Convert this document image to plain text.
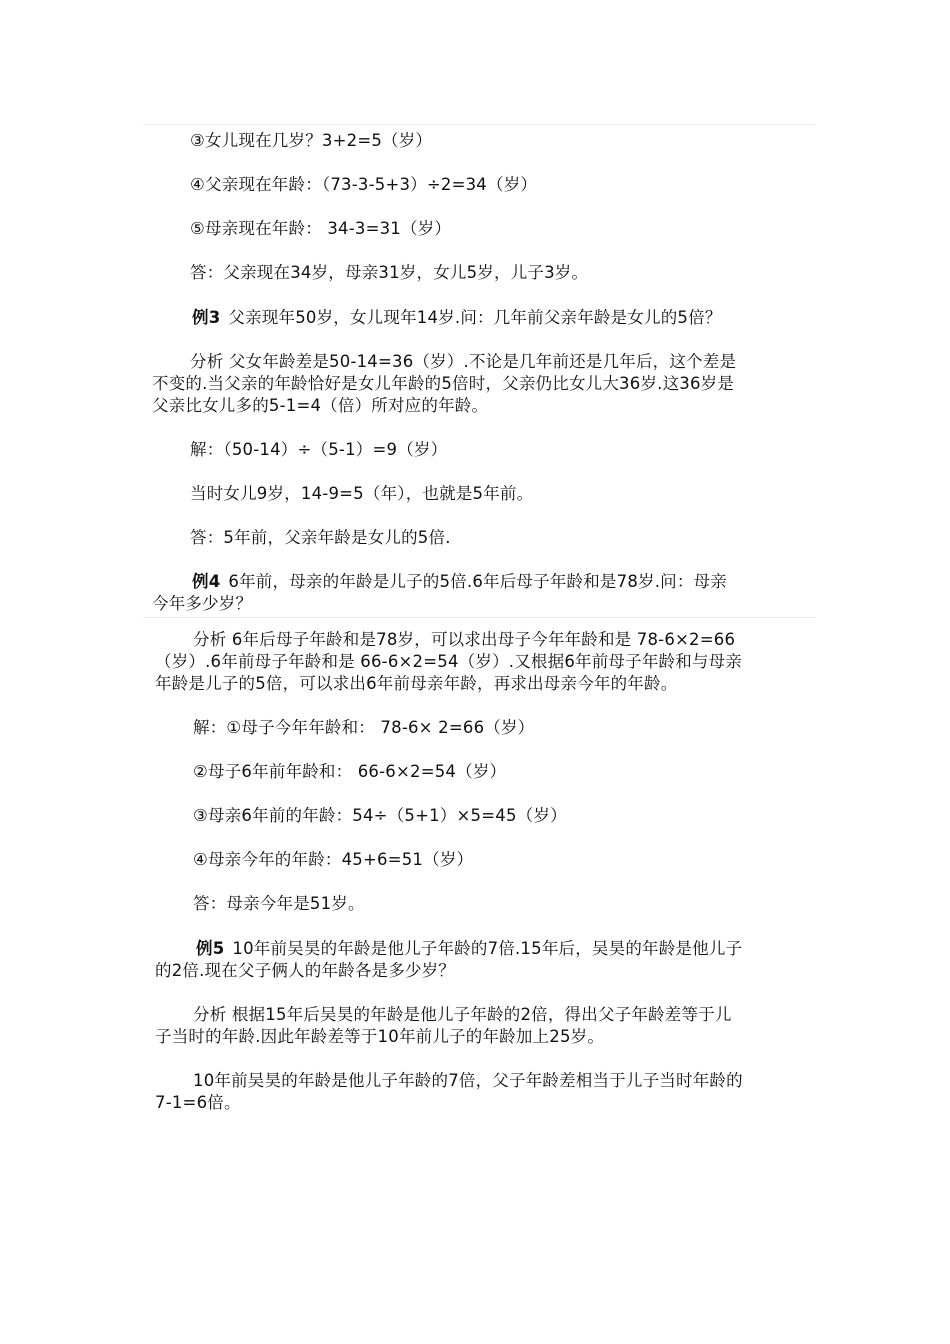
③女儿现在几岁？3+2=5（岁）

④父亲现在年龄：（73-3-5+3）÷2=34（岁）

⑤母亲现在年龄： 34-3=31（岁）

答：父亲现在34岁，母亲31岁，女儿5岁，儿子3岁。

例3 父亲现年50岁，女儿现年14岁.问：几年前父亲年龄是女儿的5倍？

分析 父女年龄差是50-14=36（岁）.不论是几年前还是几年后，这个差是

不变的.当父亲的年龄恰好是女儿年龄的5倍时，父亲仍比女儿大36岁.这36岁是

父亲比女儿多的5-1=4（倍）所对应的年龄。

解：（50-14）÷（5-1）=9（岁）

当时女儿9岁，14-9=5（年），也就是5年前。

答：5年前，父亲年龄是女儿的5倍.

例4 6年前，母亲的年龄是儿子的5倍.6年后母子年龄和是78岁.问：母亲

今年多少岁？

分析 6年后母子年龄和是78岁，可以求出母子今年年龄和是 78-6×2=66

（岁）.6年前母子年龄和是 66-6×2=54（岁）.又根据6年前母子年龄和与母亲

年龄是儿子的5倍，可以求出6年前母亲年龄，再求出母亲今年的年龄。

解：①母子今年年龄和： 78-6× 2=66（岁）

②母子6年前年龄和： 66-6×2=54（岁）

③母亲6年前的年龄：54÷（5+1）×5=45（岁）

④母亲今年的年龄：45+6=51（岁）

答：母亲今年是51岁。

例5 10年前吴昊的年龄是他儿子年龄的7倍.15年后，吴昊的年龄是他儿子

的2倍.现在父子俩人的年龄各是多少岁？

分析 根据15年后吴昊的年龄是他儿子年龄的2倍，得出父子年龄差等于儿

子当时的年龄.因此年龄差等于10年前儿子的年龄加上25岁。

10年前吴昊的年龄是他儿子年龄的7倍，父子年龄差相当于儿子当时年龄的

7-1=6倍。
